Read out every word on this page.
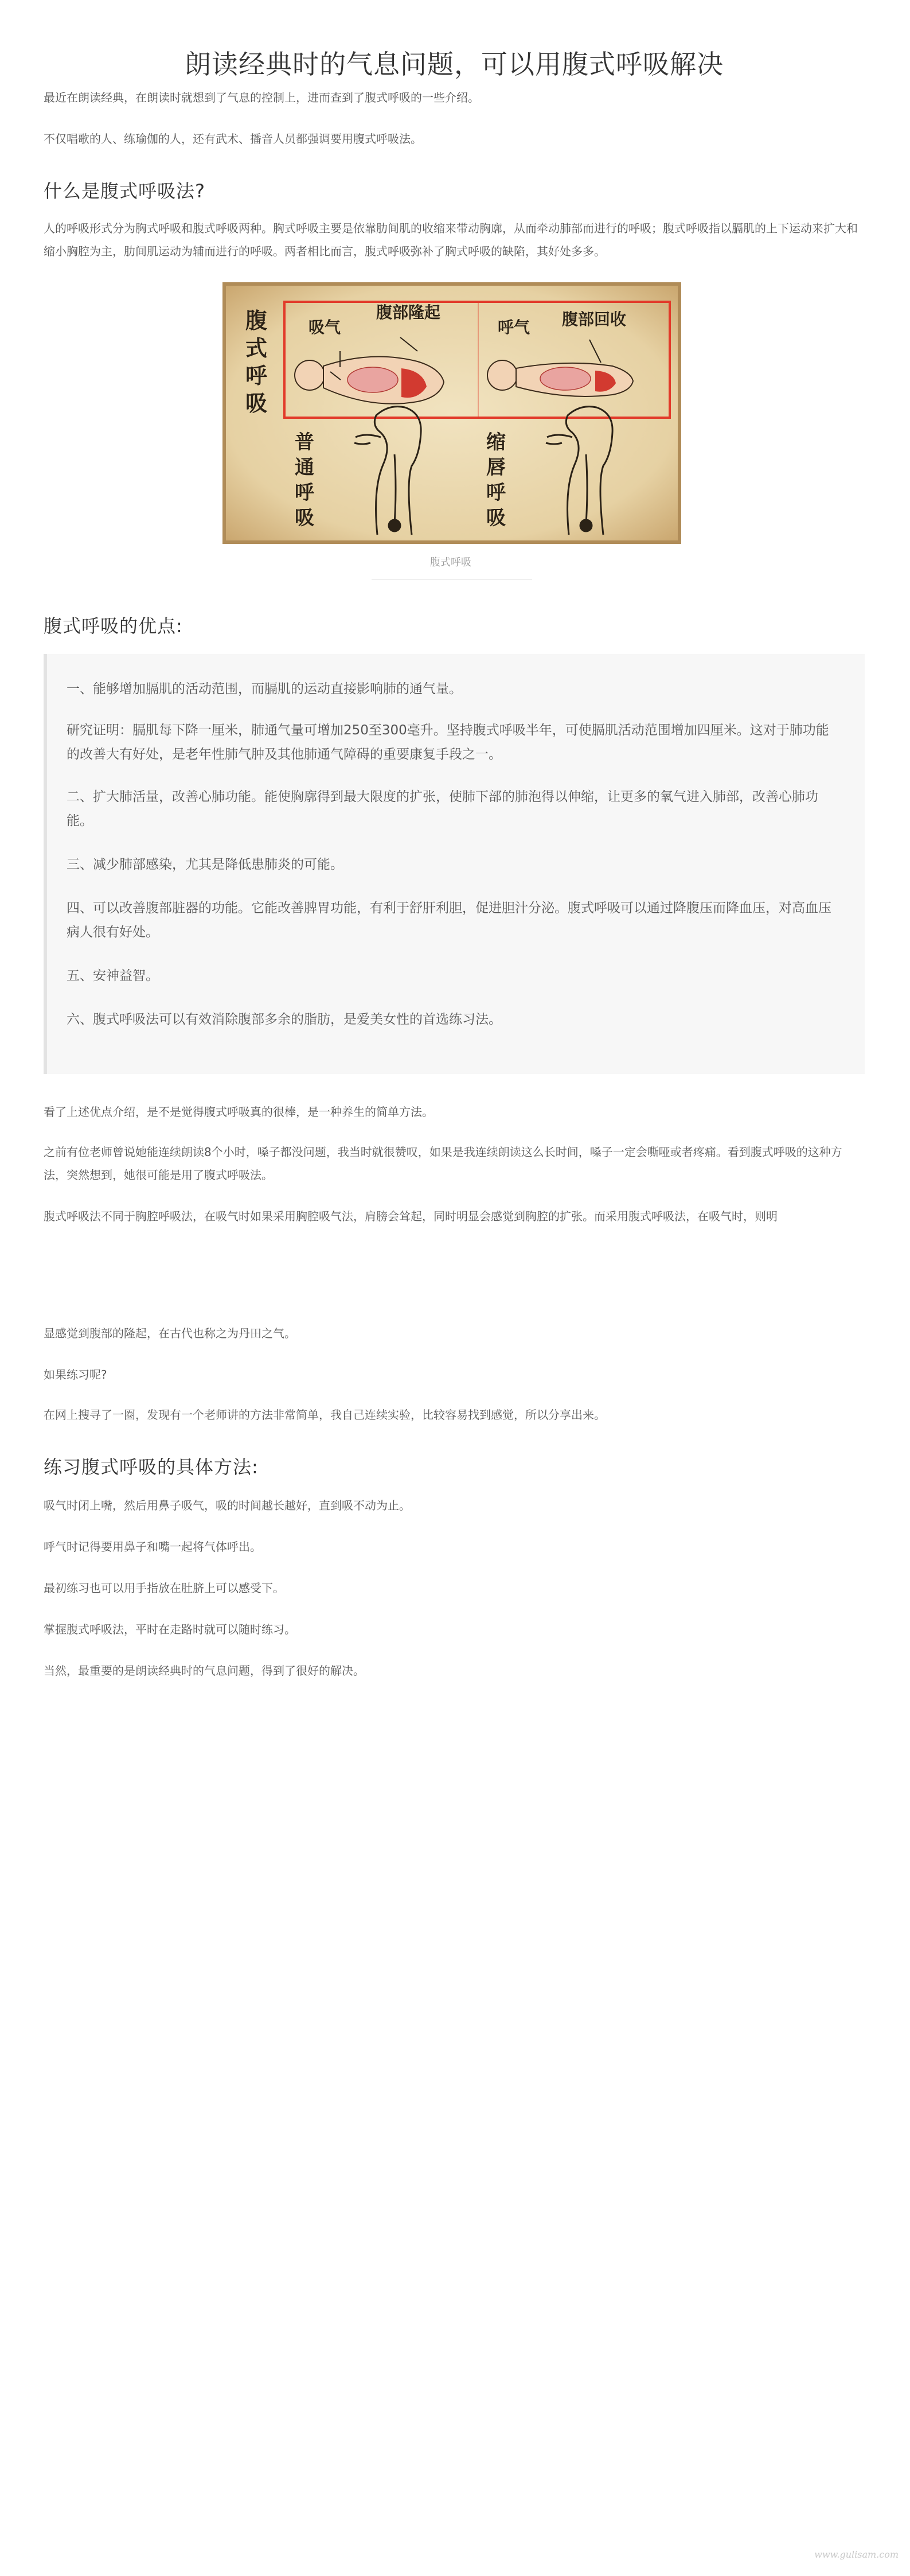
朗读经典时的气息问题，可以用腹式呼吸解决

最近在朗读经典，在朗读时就想到了气息的控制上，进而查到了腹式呼吸的一些介绍。

不仅唱歌的人、练瑜伽的人，还有武术、播音人员都强调要用腹式呼吸法。

什么是腹式呼吸法?

人的呼吸形式分为胸式呼吸和腹式呼吸两种。胸式呼吸主要是依靠肋间肌的收缩来带动胸廓，从而牵动肺部而进行的呼吸；腹式呼吸指以膈肌的上下运动来扩大和缩小胸腔为主，肋间肌运动为辅而进行的呼吸。两者相比而言，腹式呼吸弥补了胸式呼吸的缺陷，其好处多多。

腹
式
呼
吸
吸气
腹部隆起
呼气 腹部回收
普
通
呼
吸
缩
唇
呼
吸
腹式呼吸
腹式呼吸的优点:

一、能够增加膈肌的活动范围，而膈肌的运动直接影响肺的通气量。

研究证明：膈肌每下降一厘米，肺通气量可增加250至300毫升。坚持腹式呼吸半年，可使膈肌活动范围增加四厘米。这对于肺功能的改善大有好处，是老年性肺气肿及其他肺通气障碍的重要康复手段之一。

二、扩大肺活量，改善心肺功能。能使胸廓得到最大限度的扩张，使肺下部的肺泡得以伸缩，让更多的氧气进入肺部，改善心肺功能。

三、减少肺部感染，尤其是降低患肺炎的可能。

四、可以改善腹部脏器的功能。它能改善脾胃功能，有利于舒肝利胆，促进胆汁分泌。腹式呼吸可以通过降腹压而降血压，对高血压病人很有好处。

五、安神益智。

六、腹式呼吸法可以有效消除腹部多余的脂肪，是爱美女性的首选练习法。

看了上述优点介绍，是不是觉得腹式呼吸真的很棒，是一种养生的简单方法。

之前有位老师曾说她能连续朗读8个小时，嗓子都没问题，我当时就很赞叹，如果是我连续朗读这么长时间，嗓子一定会嘶哑或者疼痛。看到腹式呼吸的这种方法，突然想到，她很可能是用了腹式呼吸法。

腹式呼吸法不同于胸腔呼吸法，在吸气时如果采用胸腔吸气法，肩膀会耸起，同时明显会感觉到胸腔的扩张。而采用腹式呼吸法，在吸气时，则明

显感觉到腹部的隆起，在古代也称之为丹田之气。

如果练习呢?

在网上搜寻了一圈，发现有一个老师讲的方法非常简单，我自己连续实验，比较容易找到感觉，所以分享出来。

练习腹式呼吸的具体方法:

吸气时闭上嘴，然后用鼻子吸气，吸的时间越长越好，直到吸不动为止。

呼气时记得要用鼻子和嘴一起将气体呼出。

最初练习也可以用手指放在肚脐上可以感受下。

掌握腹式呼吸法，平时在走路时就可以随时练习。

当然，最重要的是朗读经典时的气息问题，得到了很好的解决。

www.gulisam.com
